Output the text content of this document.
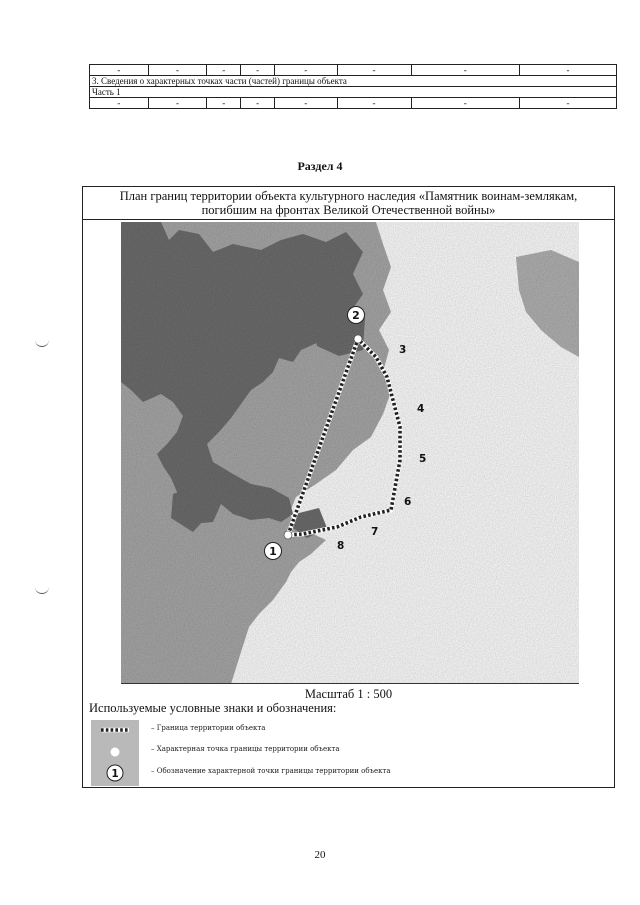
-	-	-	-	-	-	-	-
3. Сведения о характерных точках части (частей) границы объекта							
Часть 1							
-	-	-	-	-	-	-	-
Раздел 4
План границ территории объекта культурного наследия «Памятник воинам-землякам,
погибшим на фронтах Великой Отечественной войны»
2
1
3
4
5
6
7
8
Масштаб 1 : 500
Используемые условные знаки и обозначения:
1
– Граница территории объекта
– Характерная точка границы территории объекта
– Обозначение характерной точки границы территории объекта
20
